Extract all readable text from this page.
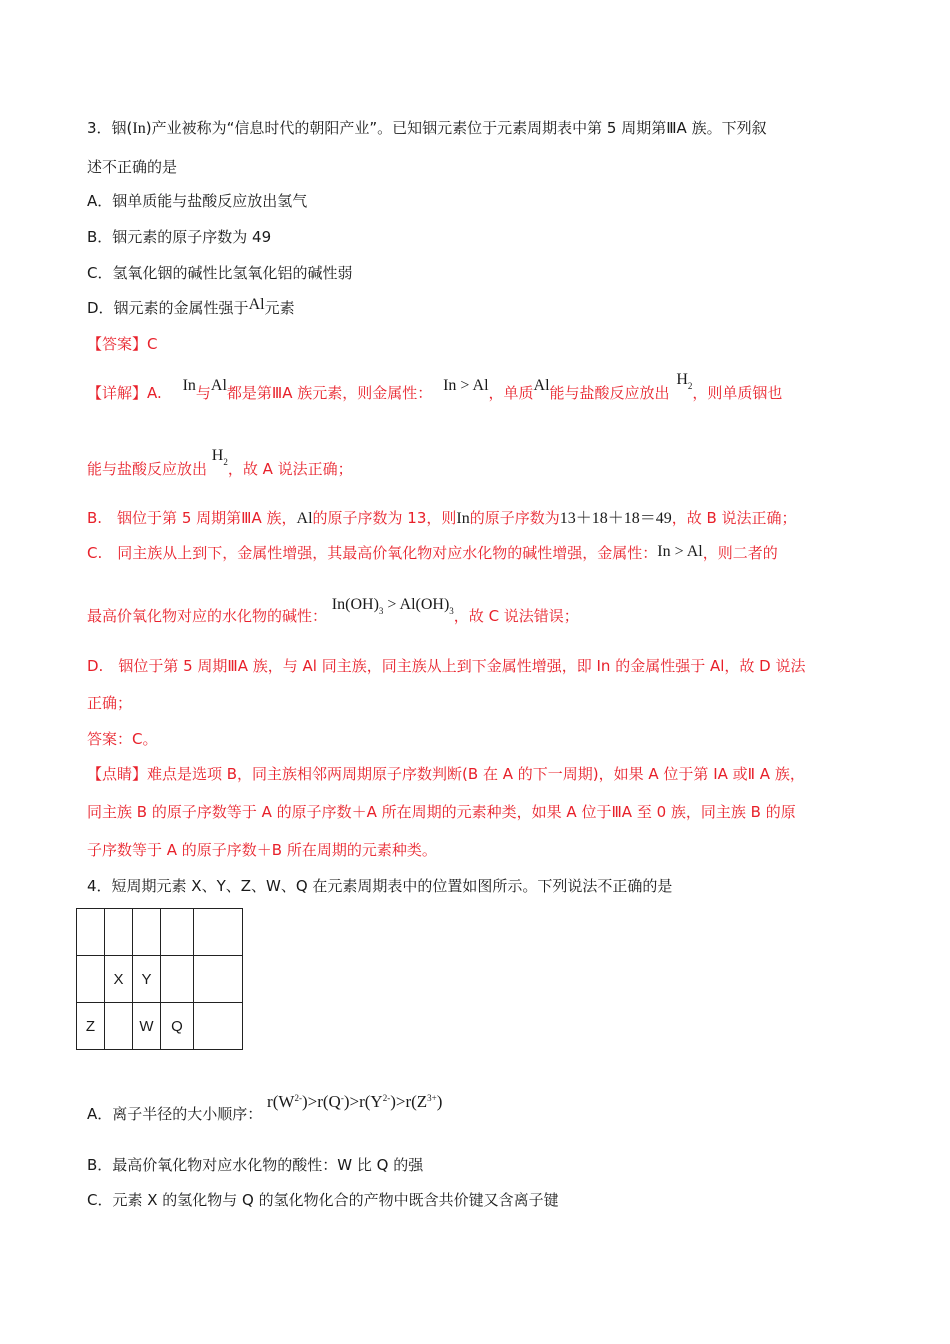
3．铟(In)产业被称为“信息时代的朝阳产业”。已知铟元素位于元素周期表中第 5 周期第ⅢA 族。下列叙
述不正确的是
A．铟单质能与盐酸反应放出氢气
B．铟元素的原子序数为 49
C．氢氧化铟的碱性比氢氧化铝的碱性弱
D．铟元素的金属性强于Al元素
【答案】C
【详解】A. In与Al都是第ⅢA 族元素，则金属性： In > Al，单质Al能与盐酸反应放出 $H_2$，则单质铟也
能与盐酸反应放出 $H_2$，故 A 说法正确；
B.　铟位于第 5 周期第ⅢA 族，Al的原子序数为 13，则In的原子序数为13＋18＋18＝49，故 B 说法正确；
C.　同主族从上到下，金属性增强，其最高价氧化物对应水化物的碱性增强，金属性：In > Al，则二者的
最高价氧化物对应的水化物的碱性： $In(OH)_3 > Al(OH)_3$，故 C 说法错误；
D.　铟位于第 5 周期ⅢA 族，与 Al 同主族，同主族从上到下金属性增强，即 In 的金属性强于 Al，故 D 说法
正确；
答案：C。
【点睛】难点是选项 B，同主族相邻两周期原子序数判断(B 在 A 的下一周期)，如果 A 位于第 IA 或Ⅱ A 族，
同主族 B 的原子序数等于 A 的原子序数＋A 所在周期的元素种类，如果 A 位于ⅢA 至 0 族，同主族 B 的原
子序数等于 A 的原子序数＋B 所在周期的元素种类。
4．短周期元素 X、Y、Z、W、Q 在元素周期表中的位置如图所示。下列说法不正确的是

	X	Y		
Z		W	Q	
A．离子半径的大小顺序： $r(W^{2-})>r(Q^-)>r(Y^{2-})>r(Z^{3+})$
B．最高价氧化物对应水化物的酸性：W 比 Q 的强
C．元素 X 的氢化物与 Q 的氢化物化合的产物中既含共价键又含离子键
